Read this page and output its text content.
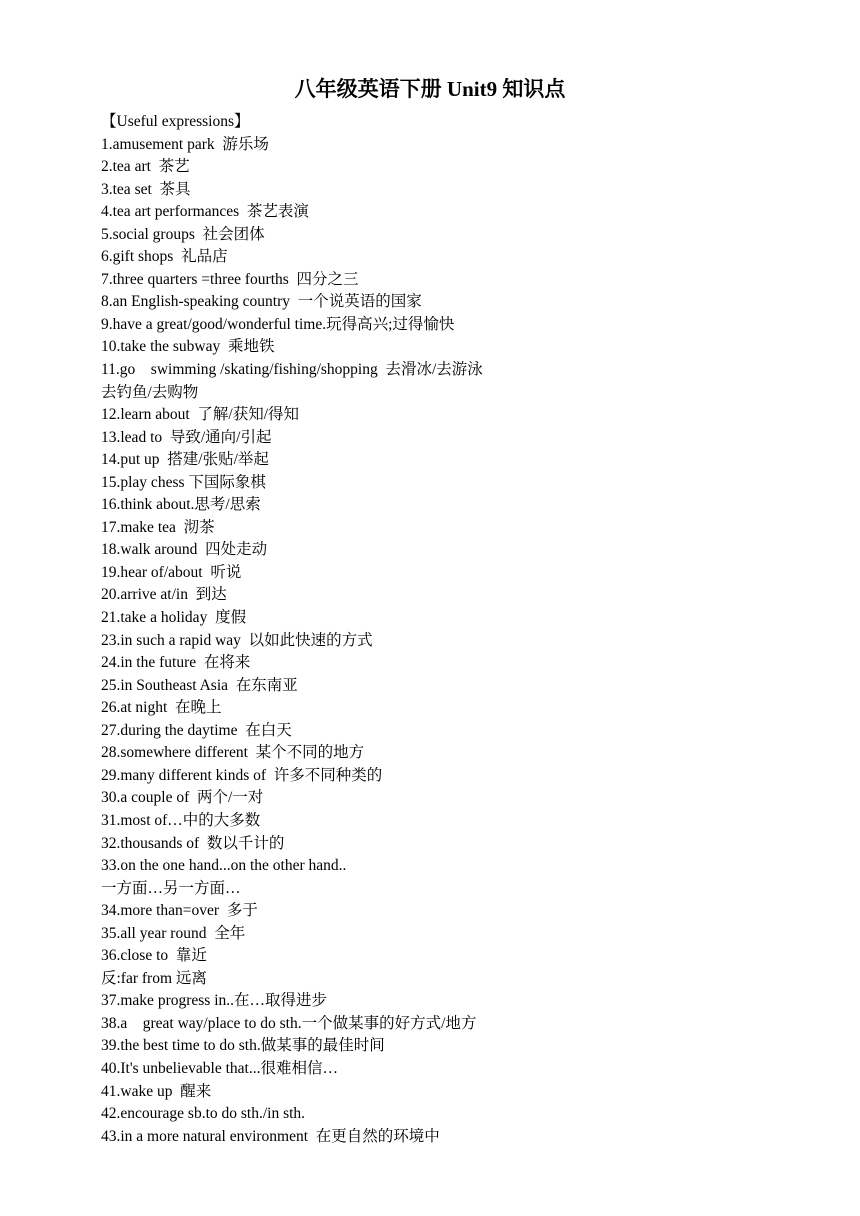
八年级英语下册 Unit9 知识点
【Useful expressions】
1.amusement park  游乐场
2.tea art  茶艺
3.tea set  茶具
4.tea art performances  茶艺表演
5.social groups  社会团体
6.gift shops  礼品店
7.three quarters =three fourths  四分之三
8.an English-speaking country  一个说英语的国家
9.have a great/good/wonderful time.玩得高兴;过得愉快
10.take the subway  乘地铁
11.go    swimming /skating/fishing/shopping  去滑冰/去游泳
去钓鱼/去购物
12.learn about  了解/获知/得知
13.lead to  导致/通向/引起
14.put up  搭建/张贴/举起
15.play chess 下国际象棋
16.think about.思考/思索
17.make tea  沏茶
18.walk around  四处走动
19.hear of/about  听说
20.arrive at/in  到达
21.take a holiday  度假
23.in such a rapid way  以如此快速的方式
24.in the future  在将来
25.in Southeast Asia  在东南亚
26.at night  在晚上
27.during the daytime  在白天
28.somewhere different  某个不同的地方
29.many different kinds of  许多不同种类的
30.a couple of  两个/一对
31.most of…中的大多数
32.thousands of  数以千计的
33.on the one hand...on the other hand..
一方面…另一方面…
34.more than=over  多于
35.all year round  全年
36.close to  靠近
反:far from 远离
37.make progress in..在…取得进步
38.a    great way/place to do sth.一个做某事的好方式/地方
39.the best time to do sth.做某事的最佳时间
40.It's unbelievable that...很难相信…
41.wake up  醒来
42.encourage sb.to do sth./in sth.
43.in a more natural environment  在更自然的环境中
